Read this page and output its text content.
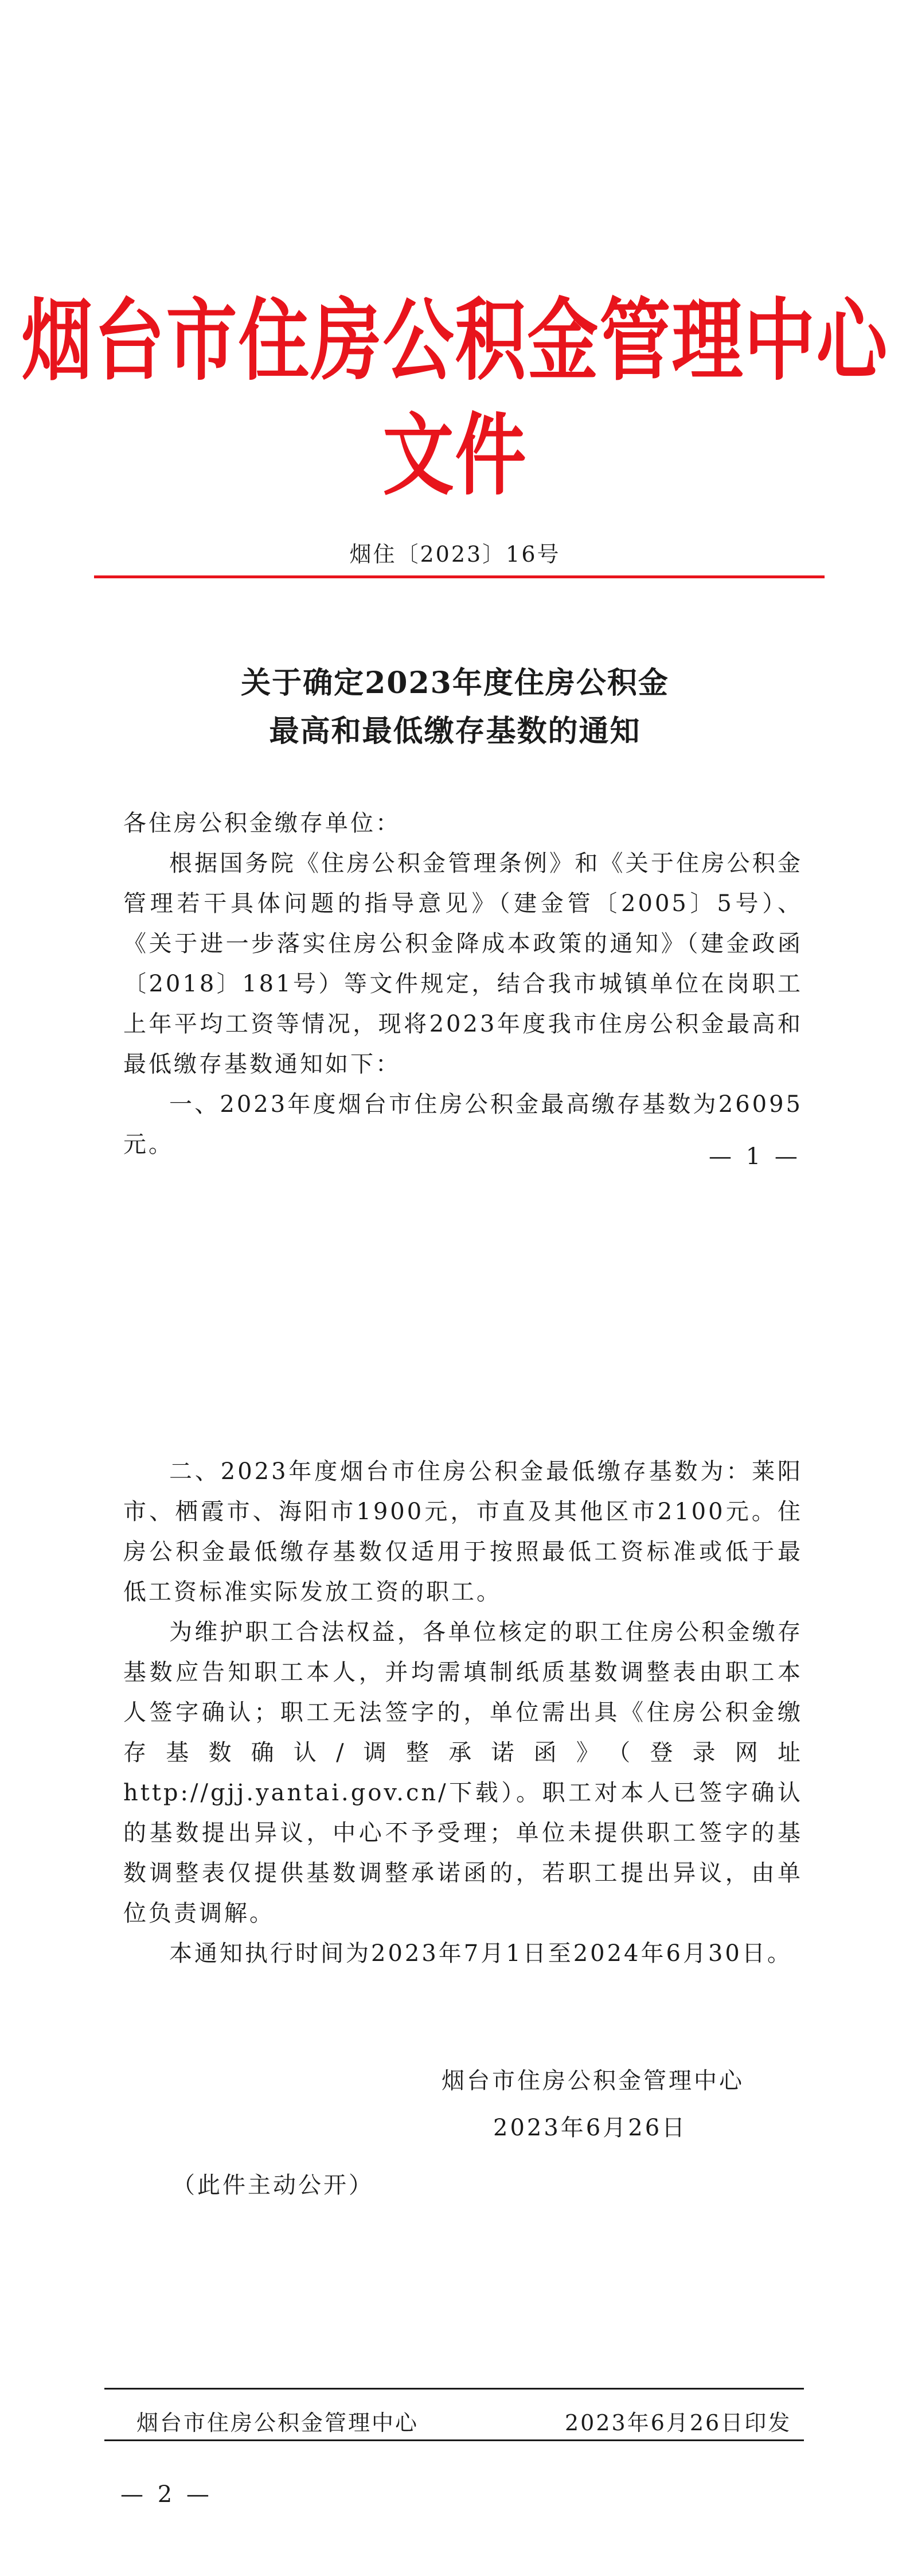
烟台市住房公积金管理中心文件
烟住〔2023〕16号
关于确定2023年度住房公积金
最高和最低缴存基数的通知

各住房公积金缴存单位：

根据国务院《住房公积金管理条例》和《关于住房公积金管理若干具体问题的指导意见》（建金管〔2005〕5号）、《关于进一步落实住房公积金降成本政策的通知》（建金政函〔2018〕181号）等文件规定，结合我市城镇单位在岗职工上年平均工资等情况，现将2023年度我市住房公积金最高和最低缴存基数通知如下：

一、2023年度烟台市住房公积金最高缴存基数为26095元。	— 1 —

二、2023年度烟台市住房公积金最低缴存基数为：莱阳市、栖霞市、海阳市1900元，市直及其他区市2100元。住房公积金最低缴存基数仅适用于按照最低工资标准或低于最低工资标准实际发放工资的职工。

为维护职工合法权益，各单位核定的职工住房公积金缴存基数应告知职工本人，并均需填制纸质基数调整表由职工本人签字确认；职工无法签字的，单位需出具《住房公积金缴存基数确认/调整承诺函》（登录网址http://gjj.yantai.gov.cn/下载）。职工对本人已签字确认的基数提出异议，中心不予受理；单位未提供职工签字的基数调整表仅提供基数调整承诺函的，若职工提出异议，由单位负责调解。

本通知执行时间为2023年7月1日至2024年6月30日。

烟台市住房公积金管理中心
2023年6月26日
（此件主动公开）
烟台市住房公积金管理中心	2023年6月26日印发
— 2 —
